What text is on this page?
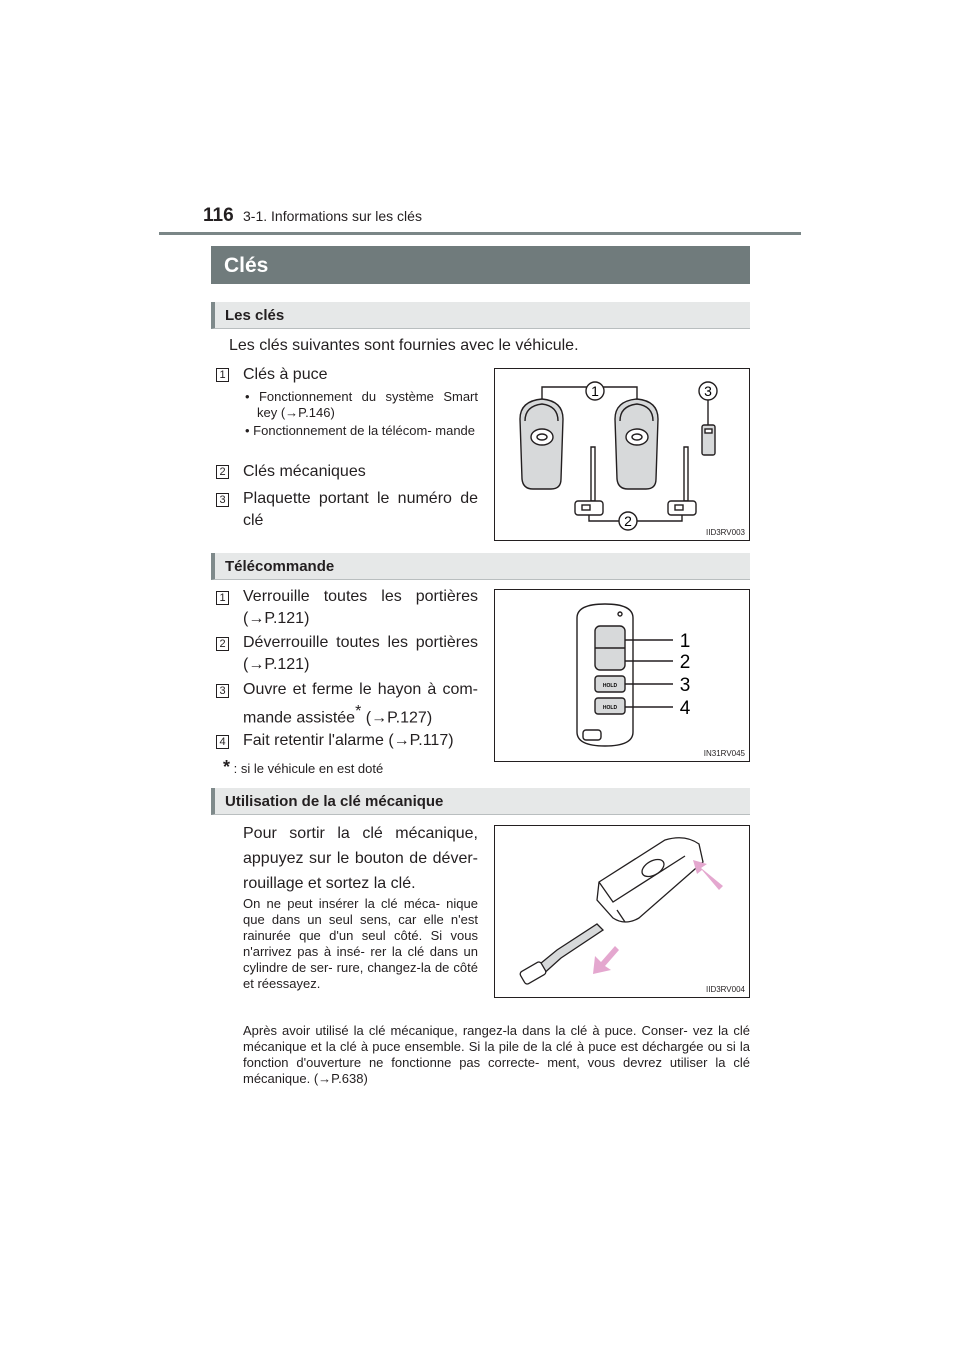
116 3-1. Informations sur les clés
Clés
Les clés
Les clés suivantes sont fournies avec le véhicule.
1 Clés à puce
• Fonctionnement du système Smart key (→P.146)
• Fonctionnement de la télécom- mande
2 Clés mécaniques
3 Plaquette portant le numéro de clé
1
2
3
IID3RV003
Télécommande
1 Verrouille toutes les portières (→P.121)
2 Déverrouille toutes les portières (→P.121)
3 Ouvre et ferme le hayon à com- mande assistée* (→P.127)
4 Fait retentir l'alarme (→P.117)
* : si le véhicule en est doté
HOLD
HOLD
1
2
3
4
IN31RV045
Utilisation de la clé mécanique
Pour sortir la clé mécanique, appuyez sur le bouton de déver- rouillage et sortez la clé.
On ne peut insérer la clé méca- nique que dans un seul sens, car elle n'est rainurée que d'un seul côté. Si vous n'arrivez pas à insé- rer la clé dans un cylindre de ser- rure, changez-la de côté et réessayez.
Après avoir utilisé la clé mécanique, rangez-la dans la clé à puce. Conser- vez la clé mécanique et la clé à puce ensemble. Si la pile de la clé à puce est déchargée ou si la fonction d'ouverture ne fonctionne pas correcte- ment, vous devrez utiliser la clé mécanique. (→P.638)
IID3RV004
